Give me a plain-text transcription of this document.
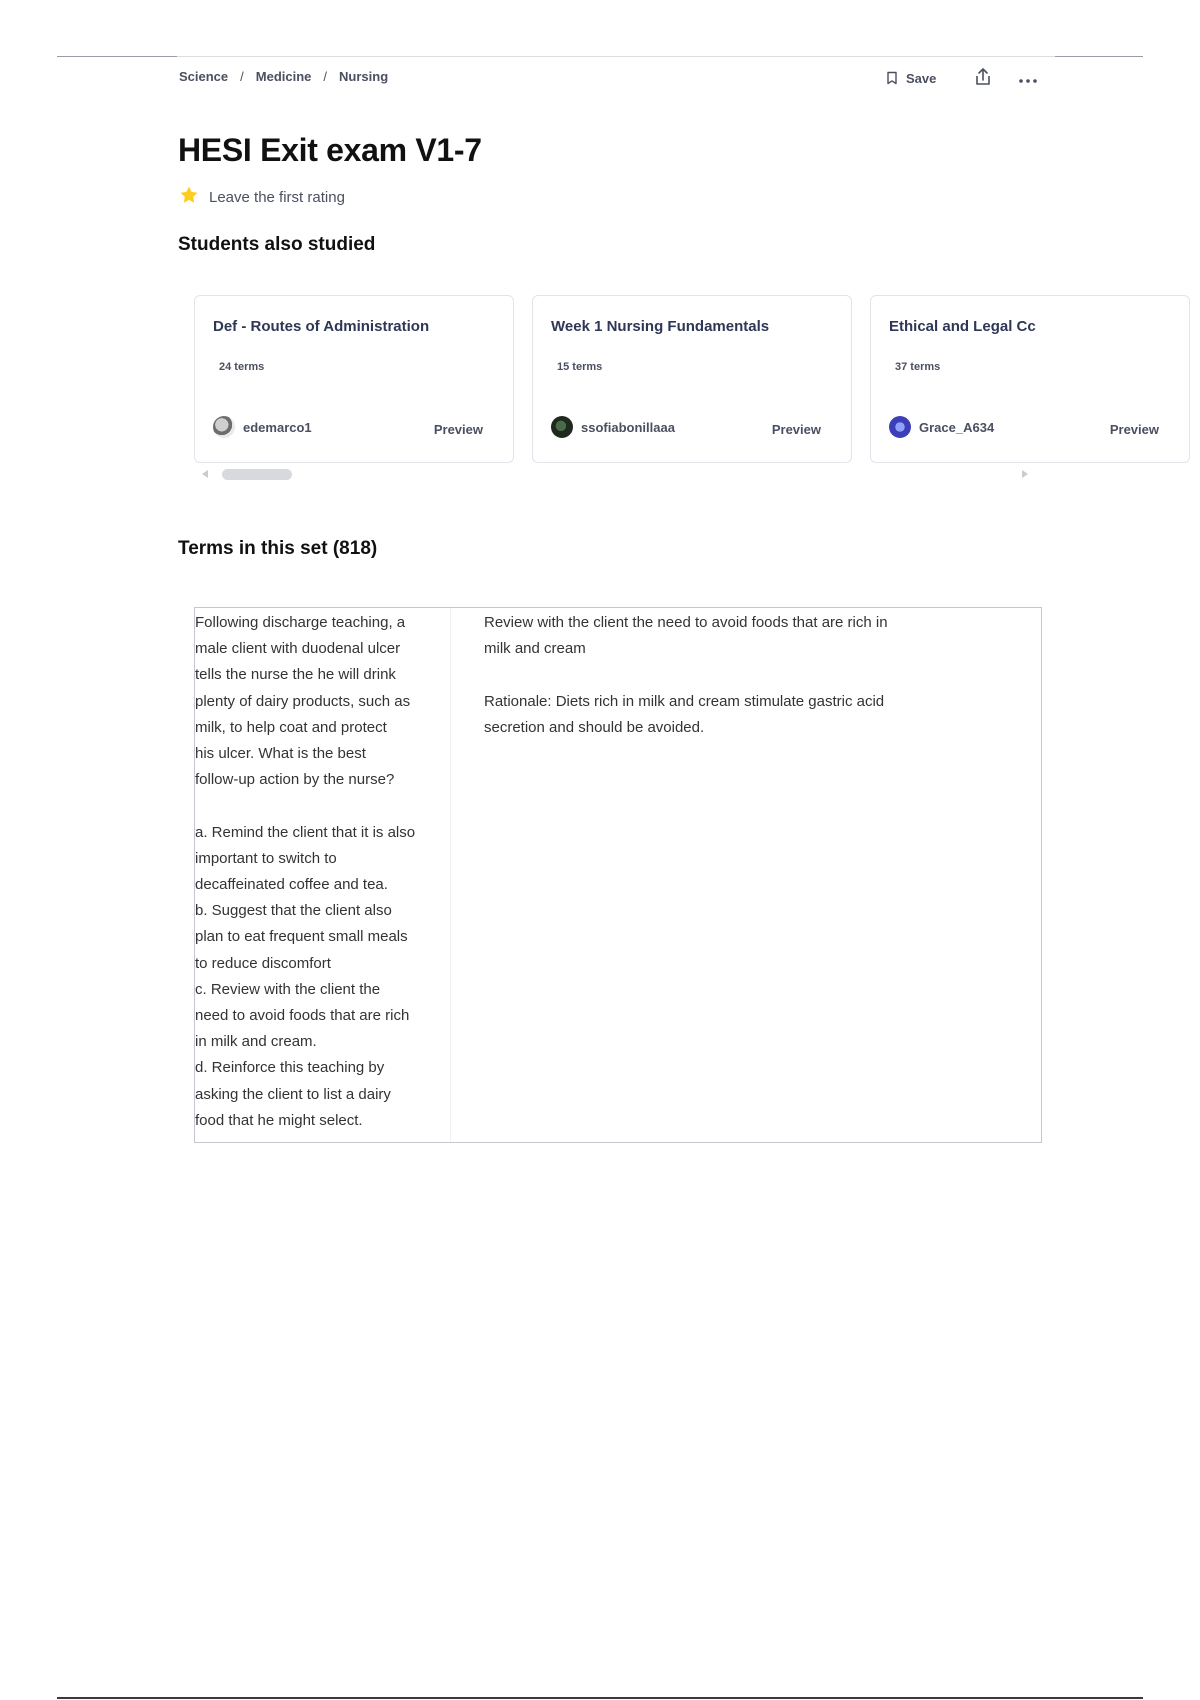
Science / Medicine / Nursing	Save
HESI Exit exam V1-7
Leave the first rating
Students also studied
Def - Routes of Administration
24 terms
edemarco1	Preview
Week 1 Nursing Fundamentals
15 terms
ssofiabonillaaa	Preview
Ethical and Legal Cc
37 terms
Grace_A634	Preview
Terms in this set (818)

Following discharge teaching, a
male client with duodenal ulcer
tells the nurse the he will drink
plenty of dairy products, such as
milk, to help coat and protect
his ulcer. What is the best
follow-up action by the nurse?

a. Remind the client that it is also
important to switch to
decaffeinated coffee and tea.
b. Suggest that the client also
plan to eat frequent small meals
to reduce discomfort
c. Review with the client the
need to avoid foods that are rich
in milk and cream.
d. Reinforce this teaching by
asking the client to list a dairy
food that he might select.

Review with the client the need to avoid foods that are rich in
milk and cream

Rationale: Diets rich in milk and cream stimulate gastric acid
secretion and should be avoided.
